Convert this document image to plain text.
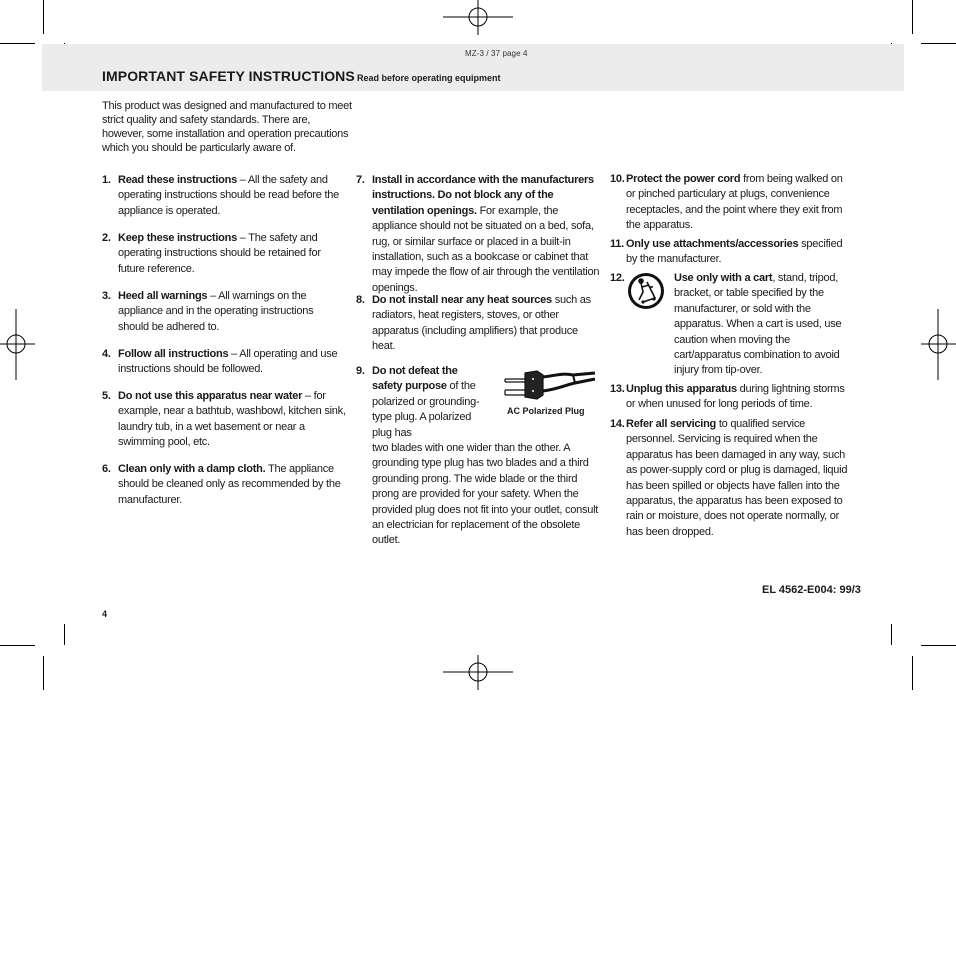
MZ-3 / 37 page 4
IMPORTANT SAFETY INSTRUCTIONS Read before operating equipment
This product was designed and manufactured to meet strict quality and safety standards. There are, however, some installation and operation precautions which you should be particularly aware of.
1. Read these instructions – All the safety and operating instructions should be read before the appliance is operated.
2. Keep these instructions – The safety and operating instructions should be retained for future reference.
3. Heed all warnings – All warnings on the appliance and in the operating instructions should be adhered to.
4. Follow all instructions – All operating and use instructions should be followed.
5. Do not use this apparatus near water – for example, near a bathtub, washbowl, kitchen sink, laundry tub, in a wet basement or near a swimming pool, etc.
6. Clean only with a damp cloth. The appliance should be cleaned only as recommended by the manufacturer.
7. Install in accordance with the manufacturers instructions. Do not block any of the ventilation openings. For example, the appliance should not be situated on a bed, sofa, rug, or similar surface or placed in a built-in installation, such as a bookcase or cabinet that may impede the flow of air through the ventilation openings.
8. Do not install near any heat sources such as radiators, heat registers, stoves, or other apparatus (including amplifiers) that produce heat.
9. Do not defeat the safety purpose of the polarized or grounding-type plug. A polarized plug has
two blades with one wider than the other. A grounding type plug has two blades and a third grounding prong. The wide blade or the third prong are provided for your safety. When the provided plug does not fit into your outlet, consult an electrician for replacement of the obsolete outlet.
AC Polarized Plug
10. Protect the power cord from being walked on or pinched particulary at plugs, convenience receptacles, and the point where they exit from the apparatus.
11. Only use attachments/accessories specified by the manufacturer.
12.	Use only with a cart, stand, tripod, bracket, or table specified by the manufacturer, or sold with the apparatus. When a cart is used, use caution when moving the cart/apparatus combination to avoid injury from tip-over.
13. Unplug this apparatus during lightning storms or when unused for long periods of time.
14. Refer all servicing to qualified service personnel. Servicing is required when the apparatus has been damaged in any way, such as power-supply cord or plug is damaged, liquid has been spilled or objects have fallen into the apparatus, the apparatus has been exposed to rain or moisture, does not operate normally, or has been dropped.
EL 4562-E004: 99/3
4
